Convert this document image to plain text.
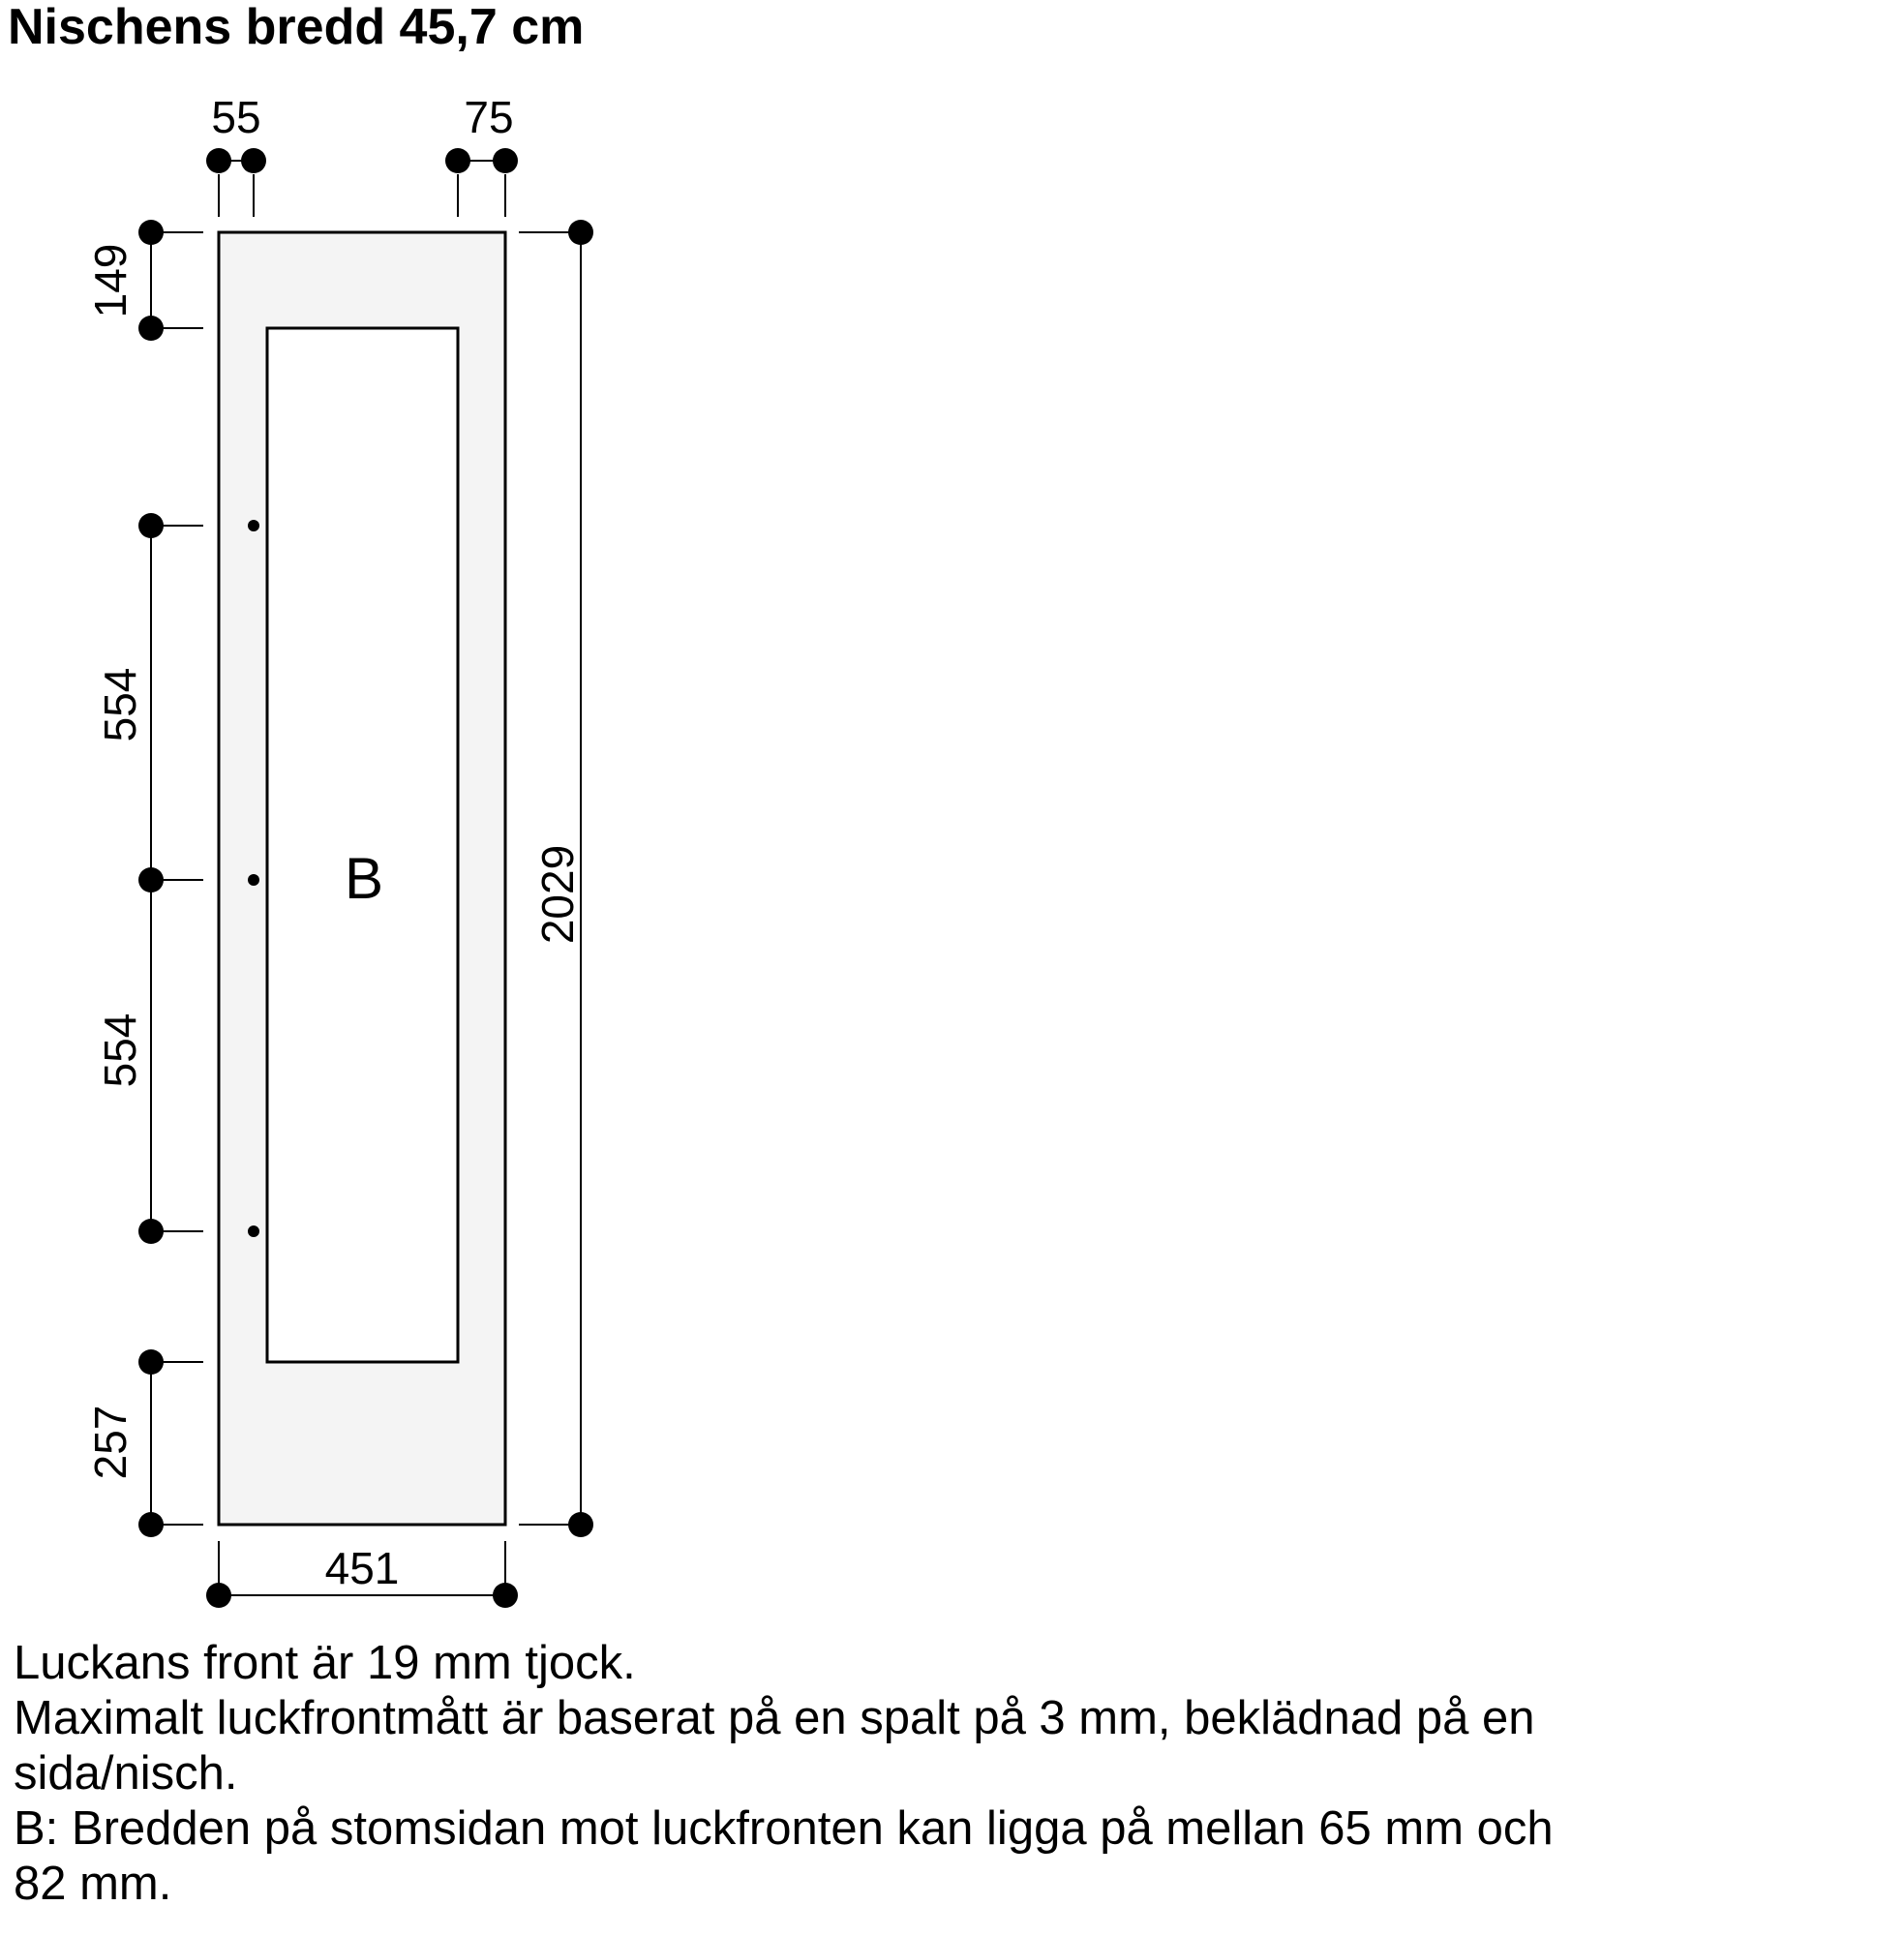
Nischens bredd 45,7 cm
B
55	75
149
554
554
257
2029
451

Luckans front är 19 mm tjock.

Maximalt luckfrontmått är baserat på en spalt på 3 mm, beklädnad på en sida/nisch.

B: Bredden på stomsidan mot luckfronten kan ligga på mellan 65 mm och 82 mm.
